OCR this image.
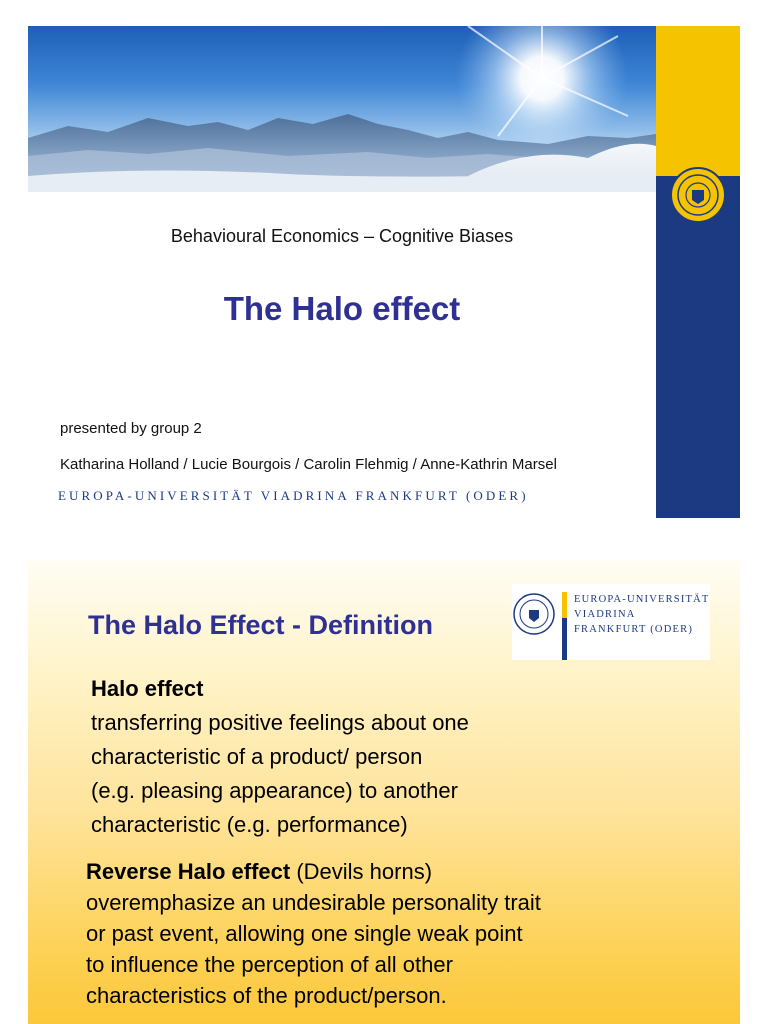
Behavioural Economics – Cognitive Biases
The Halo effect
presented by group 2
Katharina Holland / Lucie Bourgois / Carolin Flehmig / Anne-Kathrin Marsel
EUROPA-UNIVERSITÄT VIADRINA FRANKFURT (ODER)
The Halo Effect - Definition
EUROPA-UNIVERSITÄT
VIADRINA
FRANKFURT (ODER)
Halo effect
transferring positive feelings about one
characteristic of a product/ person
(e.g. pleasing appearance) to another
characteristic (e.g. performance)
Reverse Halo effect (Devils horns)
overemphasize an undesirable personality trait
or past event, allowing one single weak point
to influence the perception of all other
characteristics of the product/person.
